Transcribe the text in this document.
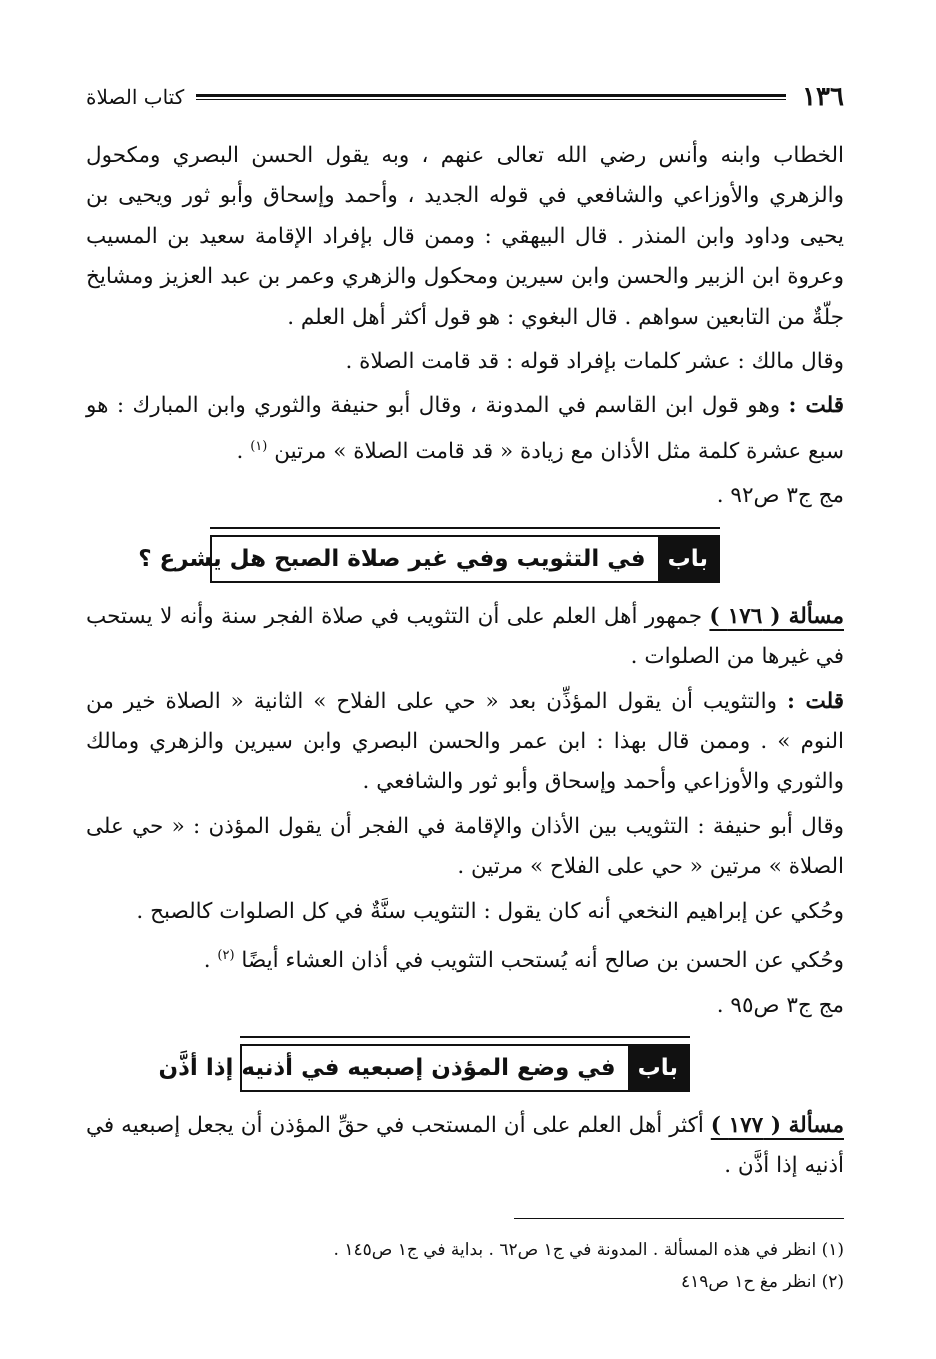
١٣٦
كتاب الصلاة

الخطاب وابنه وأنس رضي الله تعالى عنهم ، وبه يقول الحسن البصري ومكحول والزهري والأوزاعي والشافعي في قوله الجديد ، وأحمد وإسحاق وأبو ثور ويحيى بن يحيى وداود وابن المنذر . قال البيهقي : وممن قال بإفراد الإقامة سعيد بن المسيب وعروة ابن الزبير والحسن وابن سيرين ومحكول والزهري وعمر بن عبد العزيز ومشايخ جلّةٌ من التابعين سواهم . قال البغوي : هو قول أكثر أهل العلم .

وقال مالك : عشر كلمات بإفراد قوله : قد قامت الصلاة .

قلت : وهو قول ابن القاسم في المدونة ، وقال أبو حنيفة والثوري وابن المبارك : هو سبع عشرة كلمة مثل الأذان مع زيادة « قد قامت الصلاة » مرتين $^{(١)}$ .

مج ج٣ ص٩٢ .

باب
في التثويب وفي غير صلاة الصبح هل يشرع ؟

مسألة ( ١٧٦ ) جمهور أهل العلم على أن التثويب في صلاة الفجر سنة وأنه لا يستحب في غيرها من الصلوات .

قلت : والتثويب أن يقول المؤذِّن بعد « حي على الفلاح » الثانية « الصلاة خير من النوم » . وممن قال بهذا : ابن عمر والحسن البصري وابن سيرين والزهري ومالك والثوري والأوزاعي وأحمد وإسحاق وأبو ثور والشافعي .

وقال أبو حنيفة : التثويب بين الأذان والإقامة في الفجر أن يقول المؤذن : « حي على الصلاة » مرتين « حي على الفلاح » مرتين .

وحُكي عن إبراهيم النخعي أنه كان يقول : التثويب سنَّةٌ في كل الصلوات كالصبح .

وحُكي عن الحسن بن صالح أنه يُستحب التثويب في أذان العشاء أيضًا $^{(٢)}$ .

مج ج٣ ص٩٥ .

باب
في وضع المؤذن إصبعيه في أذنيه إذا أذَّن

مسألة ( ١٧٧ ) أكثر أهل العلم على أن المستحب في حقِّ المؤذن أن يجعل إصبعيه في أذنيه إذا أذَّن .

(١) انظر في هذه المسألة . المدونة في ج١ ص٦٢ . بداية في ج١ ص١٤٥ .

(٢) انظر مغ ح١ ص٤١٩
